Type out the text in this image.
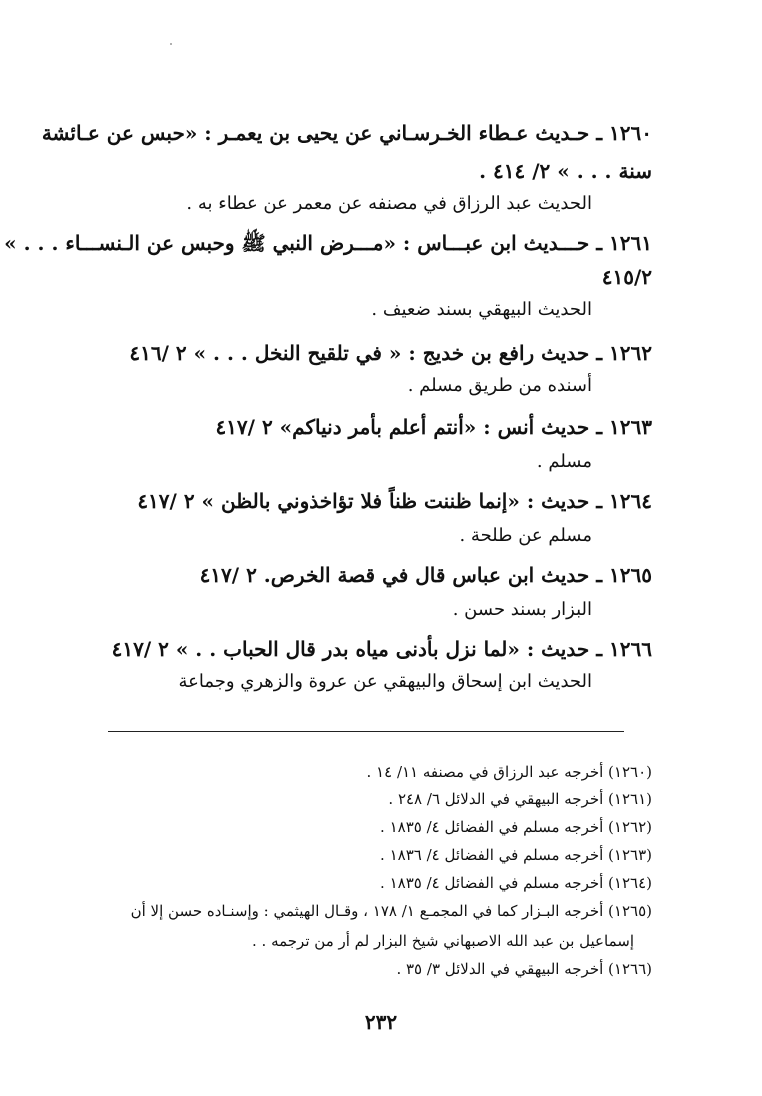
١٢٦٠ ـ حـديث عـطاء الخـرسـاني عن يحيى بن يعمـر : «حبس عن عـائشة
سنة . . . » ٢/ ٤١٤ .
الحديث عبد الرزاق في مصنفه عن معمر عن عطاء به .
١٢٦١ ـ حـــديث ابن عبـــاس : «مـــرض النبي ﷺ وحبس عن الـنســـاء . . . »
٤١٥/٢
الحديث البيهقي بسند ضعيف .
١٢٦٢ ـ حديث رافع بن خديج : « في تلقيح النخل . . . » ٢ /٤١٦
أسنده من طريق مسلم .
١٢٦٣ ـ حديث أنس : «أنتم أعلم بأمر دنياكم» ٢ /٤١٧
مسلم .
١٢٦٤ ـ حديث : «إنما ظننت ظناً فلا تؤاخذوني بالظن » ٢ /٤١٧
مسلم عن طلحة .
١٢٦٥ ـ حديث ابن عباس قال في قصة الخرص. ٢ /٤١٧
البزار بسند حسن .
١٢٦٦ ـ حديث : «لما نزل بأدنى مياه بدر قال الحباب . . » ٢ /٤١٧
الحديث ابن إسحاق والبيهقي عن عروة والزهري وجماعة
(١٢٦٠) أخرجه عبد الرزاق في مصنفه ١١/ ١٤ .
(١٢٦١) أخرجه البيهقي في الدلائل ٦/ ٢٤٨ .
(١٢٦٢) أخرجه مسلم في الفضائل ٤/ ١٨٣٥ .
(١٢٦٣) أخرجه مسلم في الفضائل ٤/ ١٨٣٦ .
(١٢٦٤) أخرجه مسلم في الفضائل ٤/ ١٨٣٥ .
(١٢٦٥) أخرجه البـزار كما في المجمـع ١/ ١٧٨ ، وقـال الهيثمي : وإسنـاده حسن إلا أن
إسماعيل بن عبد الله الاصبهاني شيخ البزار لم أر من ترجمه . .
(١٢٦٦) أخرجه البيهقي في الدلائل ٣/ ٣٥ .
٢٣٢
